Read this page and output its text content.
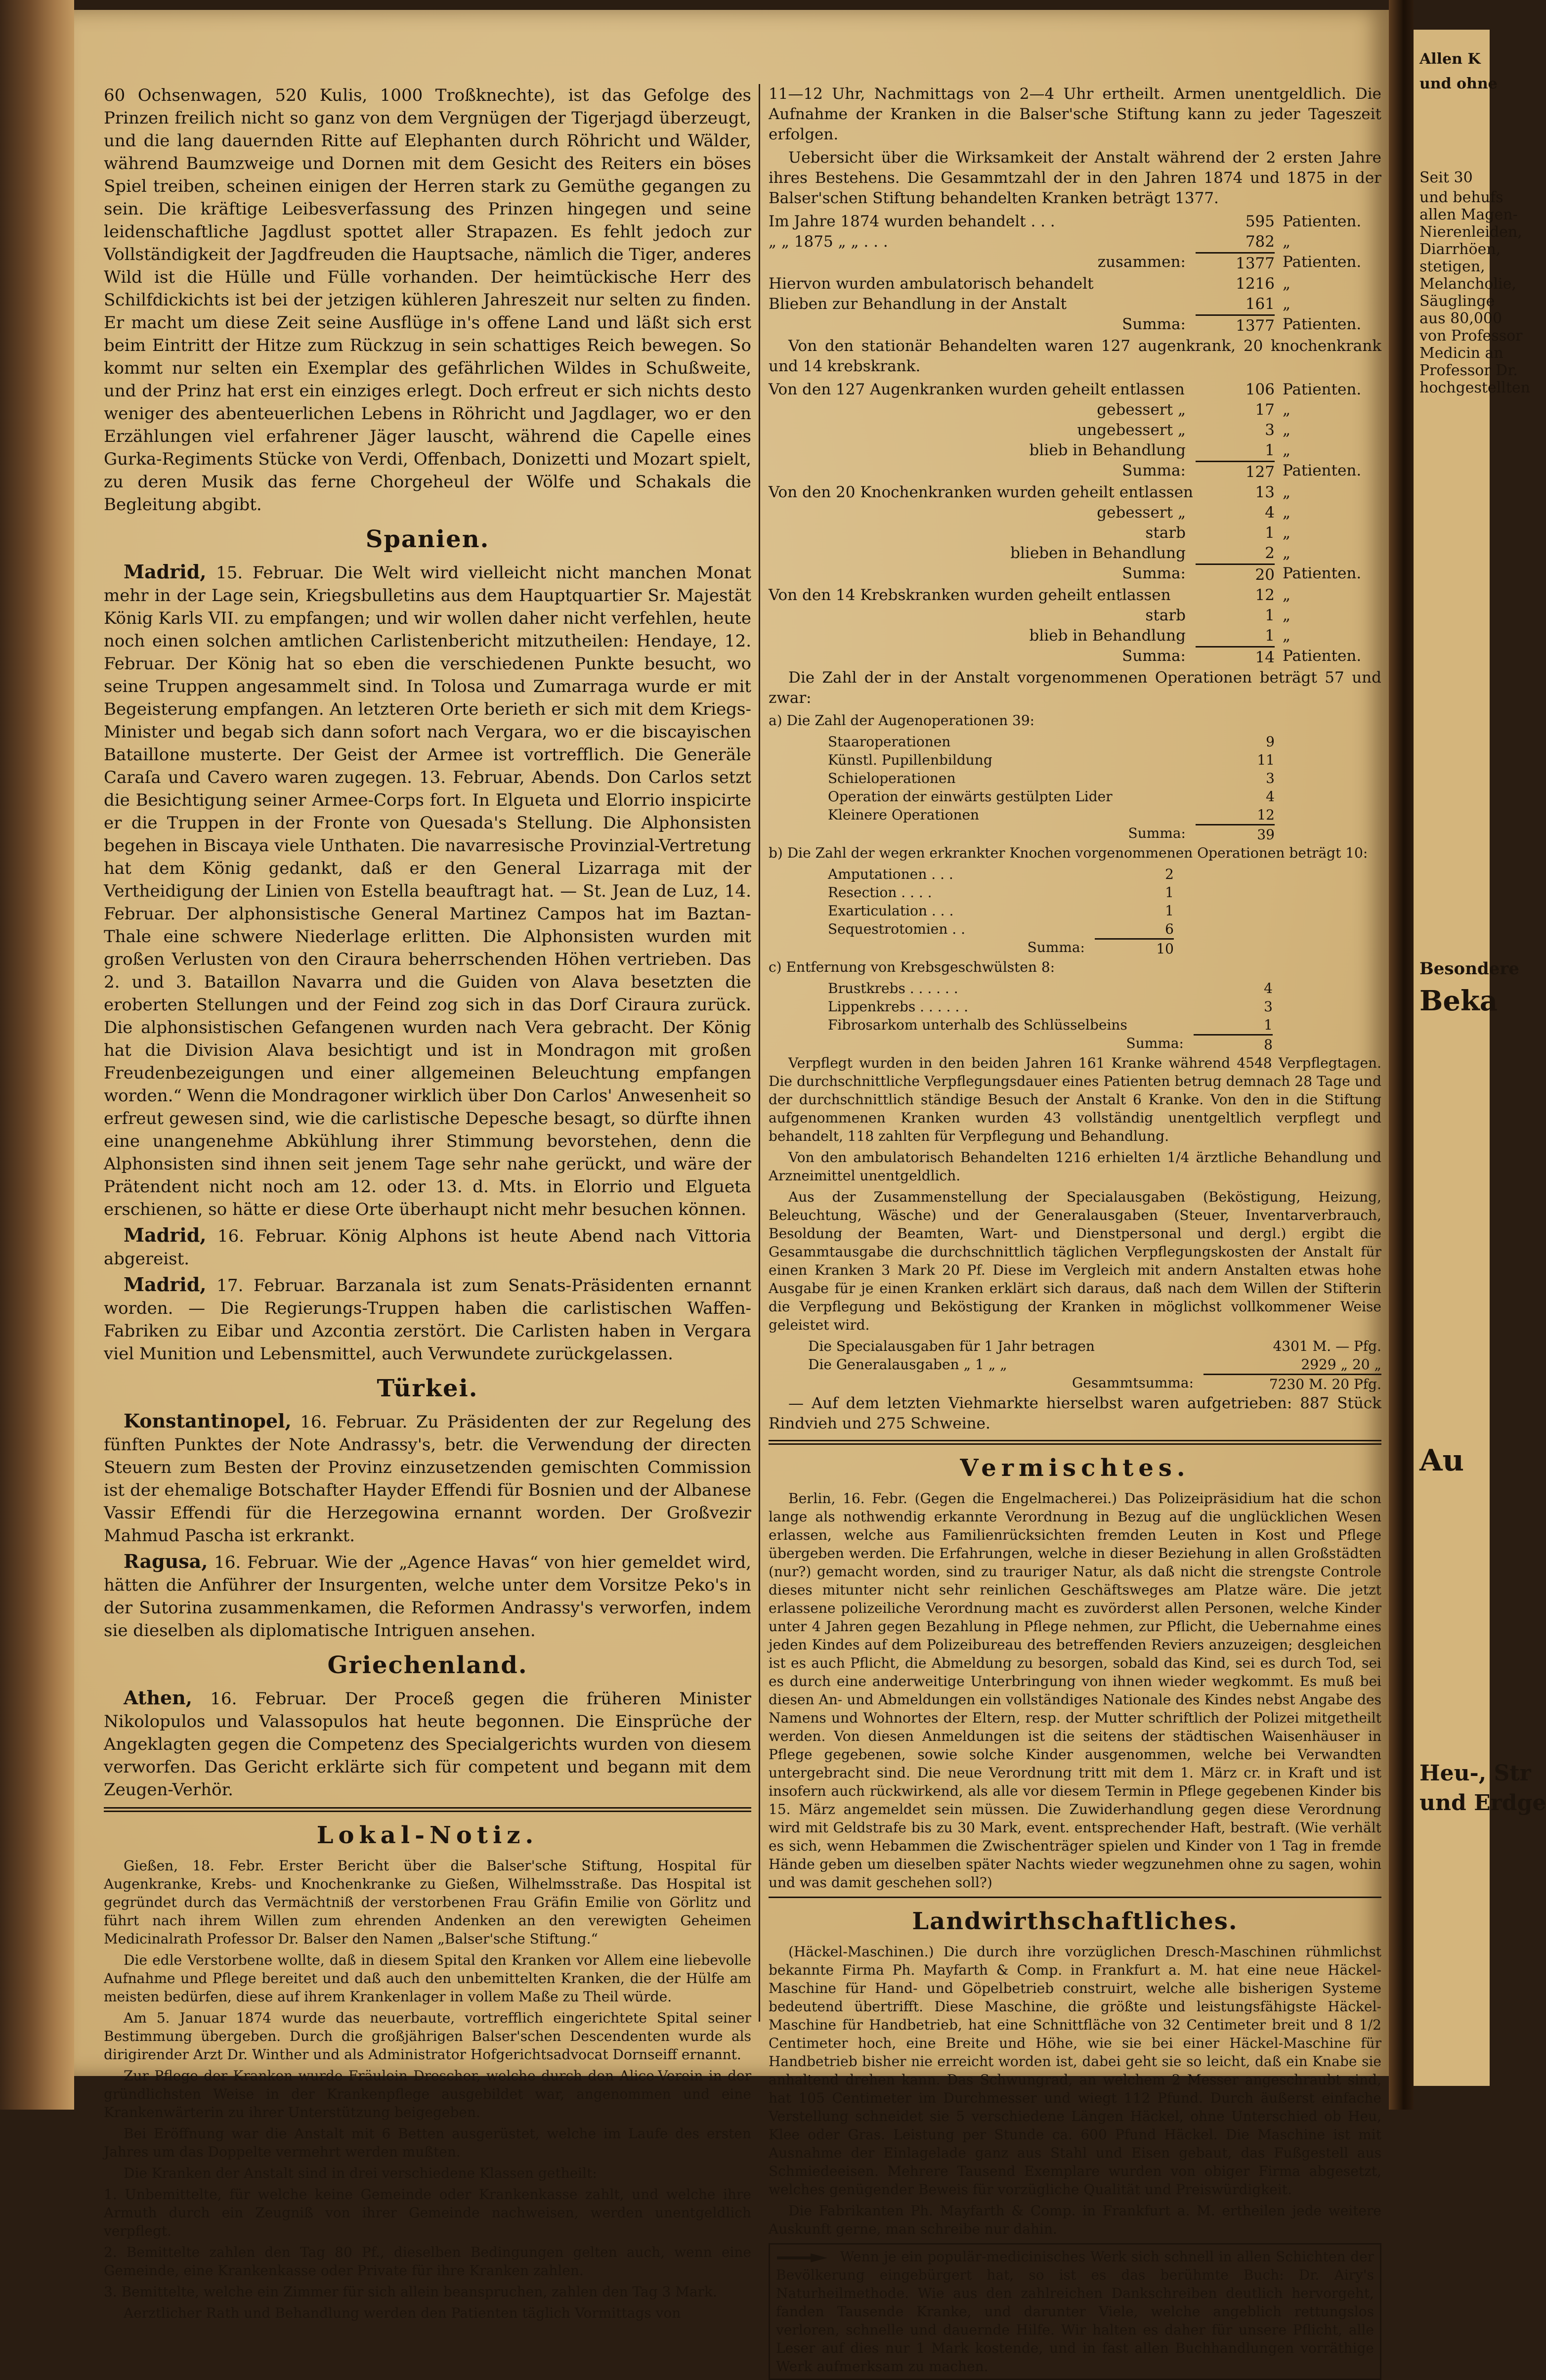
60 Ochsenwagen, 520 Kulis, 1000 Troßknechte), ist das Gefolge des Prinzen freilich nicht so ganz von dem Vergnügen der Tigerjagd überzeugt, und die lang dauernden Ritte auf Elephanten durch Röhricht und Wälder, während Baumzweige und Dornen mit dem Gesicht des Reiters ein böses Spiel treiben, scheinen einigen der Herren stark zu Gemüthe gegangen zu sein. Die kräftige Leibesverfassung des Prinzen hingegen und seine leidenschaftliche Jagdlust spottet aller Strapazen. Es fehlt jedoch zur Vollständigkeit der Jagdfreuden die Hauptsache, nämlich die Tiger, anderes Wild ist die Hülle und Fülle vorhanden. Der heimtückische Herr des Schilfdickichts ist bei der jetzigen kühleren Jahreszeit nur selten zu finden. Er macht um diese Zeit seine Ausflüge in's offene Land und läßt sich erst beim Eintritt der Hitze zum Rückzug in sein schattiges Reich bewegen. So kommt nur selten ein Exemplar des gefährlichen Wildes in Schußweite, und der Prinz hat erst ein einziges erlegt. Doch erfreut er sich nichts desto weniger des abenteuerlichen Lebens in Röhricht und Jagdlager, wo er den Erzählungen viel erfahrener Jäger lauscht, während die Capelle eines Gurka-Regiments Stücke von Verdi, Offenbach, Donizetti und Mozart spielt, zu deren Musik das ferne Chorgeheul der Wölfe und Schakals die Begleitung abgibt.

Spanien.

Madrid, 15. Februar. Die Welt wird vielleicht nicht manchen Monat mehr in der Lage sein, Kriegsbulletins aus dem Hauptquartier Sr. Majestät König Karls VII. zu empfangen; und wir wollen daher nicht verfehlen, heute noch einen solchen amtlichen Carlistenbericht mitzutheilen: Hendaye, 12. Februar. Der König hat so eben die verschiedenen Punkte besucht, wo seine Truppen angesammelt sind. In Tolosa und Zumarraga wurde er mit Begeisterung empfangen. An letzteren Orte berieth er sich mit dem Kriegs-Minister und begab sich dann sofort nach Vergara, wo er die biscayischen Bataillone musterte. Der Geist der Armee ist vortrefflich. Die Generäle Caraſa und Cavero waren zugegen. 13. Februar, Abends. Don Carlos setzt die Besichtigung seiner Armee-Corps fort. In Elgueta und Elorrio inspicirte er die Truppen in der Fronte von Quesada's Stellung. Die Alphonsisten begehen in Biscaya viele Unthaten. Die navarresische Provinzial-Vertretung hat dem König gedankt, daß er den General Lizarraga mit der Vertheidigung der Linien von Estella beauftragt hat. — St. Jean de Luz, 14. Februar. Der alphonsistische General Martinez Campos hat im Baztan-Thale eine schwere Niederlage erlitten. Die Alphonsisten wurden mit großen Verlusten von den Ciraura beherrschenden Höhen vertrieben. Das 2. und 3. Bataillon Navarra und die Guiden von Alava besetzten die eroberten Stellungen und der Feind zog sich in das Dorf Ciraura zurück. Die alphonsistischen Gefangenen wurden nach Vera gebracht. Der König hat die Division Alava besichtigt und ist in Mondragon mit großen Freudenbezeigungen und einer allgemeinen Beleuchtung empfangen worden.“ Wenn die Mondragoner wirklich über Don Carlos' Anwesenheit so erfreut gewesen sind, wie die carlistische Depesche besagt, so dürfte ihnen eine unangenehme Abkühlung ihrer Stimmung bevorstehen, denn die Alphonsisten sind ihnen seit jenem Tage sehr nahe gerückt, und wäre der Prätendent nicht noch am 12. oder 13. d. Mts. in Elorrio und Elgueta erschienen, so hätte er diese Orte überhaupt nicht mehr besuchen können.

Madrid, 16. Februar. König Alphons ist heute Abend nach Vittoria abgereist.

Madrid, 17. Februar. Barzanala ist zum Senats-Präsidenten ernannt worden. — Die Regierungs-Truppen haben die carlistischen Waffen-Fabriken zu Eibar und Azcontia zerstört. Die Carlisten haben in Vergara viel Munition und Lebensmittel, auch Verwundete zurückgelassen.

Türkei.

Konstantinopel, 16. Februar. Zu Präsidenten der zur Regelung des fünften Punktes der Note Andrassy's, betr. die Verwendung der directen Steuern zum Besten der Provinz einzusetzenden gemischten Commission ist der ehemalige Botschafter Hayder Effendi für Bosnien und der Albanese Vassir Effendi für die Herzegowina ernannt worden. Der Großvezir Mahmud Pascha ist erkrankt.

Ragusa, 16. Februar. Wie der „Agence Havas“ von hier gemeldet wird, hätten die Anführer der Insurgenten, welche unter dem Vorsitze Peko's in der Sutorina zusammenkamen, die Reformen Andrassy's verworfen, indem sie dieselben als diplomatische Intriguen ansehen.

Griechenland.

Athen, 16. Februar. Der Proceß gegen die früheren Minister Nikolopulos und Valassopulos hat heute begonnen. Die Einsprüche der Angeklagten gegen die Competenz des Specialgerichts wurden von diesem verworfen. Das Gericht erklärte sich für competent und begann mit dem Zeugen-Verhör.

Lokal-Notiz.

Gießen, 18. Febr. Erster Bericht über die Balser'sche Stiftung, Hospital für Augenkranke, Krebs- und Knochenkranke zu Gießen, Wilhelmsstraße. Das Hospital ist gegründet durch das Vermächtniß der verstorbenen Frau Gräfin Emilie von Görlitz und führt nach ihrem Willen zum ehrenden Andenken an den verewigten Geheimen Medicinalrath Professor Dr. Balser den Namen „Balser'sche Stiftung.“

Die edle Verstorbene wollte, daß in diesem Spital den Kranken vor Allem eine liebevolle Aufnahme und Pflege bereitet und daß auch den unbemittelten Kranken, die der Hülfe am meisten bedürfen, diese auf ihrem Krankenlager in vollem Maße zu Theil würde.

Am 5. Januar 1874 wurde das neuerbaute, vortrefflich eingerichtete Spital seiner Bestimmung übergeben. Durch die großjährigen Balser'schen Descendenten wurde als dirigirender Arzt Dr. Winther und als Administrator Hofgerichtsadvocat Dornseiff ernannt.

Zur Pflege der Kranken wurde Fräulein Drescher, welche durch den Alice-Verein in der gründlichsten Weise in der Krankenpflege ausgebildet war, angenommen und eine Krankenwärterin zu ihrer Unterstützung beigegeben.

Bei Eröffnung war die Anstalt mit 6 Betten ausgerüstet, welche im Laufe des ersten Jahres um das Doppelte vermehrt werden mußten.

Die Kranken der Anstalt sind in drei verschiedene Klassen getheilt:

1. Unbemittelte, für welche keine Gemeinde oder Krankenkasse zahlt, und welche ihre Armuth durch ein Zeugniß von ihrer Gemeinde nachweisen, werden unentgeldlich verpflegt.

2. Bemittelte zahlen den Tag 80 Pf., dieselben Bedingungen gelten auch, wenn eine Gemeinde, eine Krankenkasse oder Private für ihre Kranken zahlen.

3. Bemittelte, welche ein Zimmer für sich allein beanspruchen, zahlen den Tag 3 Mark.

Aerztlicher Rath und Behandlung werden den Patienten täglich Vormittags von

11—12 Uhr, Nachmittags von 2—4 Uhr ertheilt. Armen unentgeldlich. Die Aufnahme der Kranken in die Balser'sche Stiftung kann zu jeder Tageszeit erfolgen.

Uebersicht über die Wirksamkeit der Anstalt während der 2 ersten Jahre ihres Bestehens. Die Gesammtzahl der in den Jahren 1874 und 1875 in der Balser'schen Stiftung behandelten Kranken beträgt 1377.

Im Jahre 1874 wurden behandelt . . .	595 Patienten.
„ „ 1875 „ „ . . .	782 „
zusammen:	1377 Patienten.
Hiervon wurden ambulatorisch behandelt	1216 „
Blieben zur Behandlung in der Anstalt	161 „
Summa:	1377 Patienten.

Von den stationär Behandelten waren 127 augenkrank, 20 knochenkrank und 14 krebskrank.

Von den 127 Augenkranken wurden geheilt entlassen	106 Patienten.
gebessert „	17 „
ungebessert „	3 „
blieb in Behandlung	1 „
Summa:	127 Patienten.
Von den 20 Knochenkranken wurden geheilt entlassen	13 „
gebessert „	4 „
starb	1 „
blieben in Behandlung	2 „
Summa:	20 Patienten.
Von den 14 Krebskranken wurden geheilt entlassen	12 „
starb	1 „
blieb in Behandlung	1 „
Summa:	14 Patienten.

Die Zahl der in der Anstalt vorgenommenen Operationen beträgt 57 und zwar:

a) Die Zahl der Augenoperationen 39:

Staaroperationen	9
Künstl. Pupillenbildung	11
Schieloperationen	3
Operation der einwärts gestülpten Lider	4
Kleinere Operationen	12
Summa:	39

b) Die Zahl der wegen erkrankter Knochen vorgenommenen Operationen beträgt 10:

Amputationen . . .	2
Resection . . . .	1
Exarticulation . . .	1
Sequestrotomien . .	6
Summa:	10

c) Entfernung von Krebsgeschwülsten 8:

Brustkrebs . . . . . .	4
Lippenkrebs . . . . . .	3
Fibrosarkom unterhalb des Schlüsselbeins	1
Summa:	8

Verpflegt wurden in den beiden Jahren 161 Kranke während 4548 Verpflegtagen. Die durchschnittliche Verpflegungsdauer eines Patienten betrug demnach 28 Tage und der durchschnittlich ständige Besuch der Anstalt 6 Kranke. Von den in die Stiftung aufgenommenen Kranken wurden 43 vollständig unentgeltlich verpflegt und behandelt, 118 zahlten für Verpflegung und Behandlung.

Von den ambulatorisch Behandelten 1216 erhielten 1/4 ärztliche Behandlung und Arzneimittel unentgeldlich.

Aus der Zusammenstellung der Specialausgaben (Beköstigung, Heizung, Beleuchtung, Wäsche) und der Generalausgaben (Steuer, Inventarverbrauch, Besoldung der Beamten, Wart- und Dienstpersonal und dergl.) ergibt die Gesammtausgabe die durchschnittlich täglichen Verpflegungskosten der Anstalt für einen Kranken 3 Mark 20 Pf. Diese im Vergleich mit andern Anstalten etwas hohe Ausgabe für je einen Kranken erklärt sich daraus, daß nach dem Willen der Stifterin die Verpflegung und Beköstigung der Kranken in möglichst vollkommener Weise geleistet wird.

Die Specialausgaben für 1 Jahr betragen	4301 M. — Pfg.
Die Generalausgaben „ 1 „ „	2929 „ 20 „
Gesammtsumma:	7230 M. 20 Pfg.

— Auf dem letzten Viehmarkte hierselbst waren aufgetrieben: 887 Stück Rindvieh und 275 Schweine.

Vermischtes.

Berlin, 16. Febr. (Gegen die Engelmacherei.) Das Polizeipräsidium hat die schon lange als nothwendig erkannte Verordnung in Bezug auf die unglücklichen Wesen erlassen, welche aus Familienrücksichten fremden Leuten in Kost und Pflege übergeben werden. Die Erfahrungen, welche in dieser Beziehung in allen Großstädten (nur?) gemacht worden, sind zu trauriger Natur, als daß nicht die strengste Controle dieses mitunter nicht sehr reinlichen Geschäftsweges am Platze wäre. Die jetzt erlassene polizeiliche Verordnung macht es zuvörderst allen Personen, welche Kinder unter 4 Jahren gegen Bezahlung in Pflege nehmen, zur Pflicht, die Uebernahme eines jeden Kindes auf dem Polizeibureau des betreffenden Reviers anzuzeigen; desgleichen ist es auch Pflicht, die Abmeldung zu besorgen, sobald das Kind, sei es durch Tod, sei es durch eine anderweitige Unterbringung von ihnen wieder wegkommt. Es muß bei diesen An- und Abmeldungen ein vollständiges Nationale des Kindes nebst Angabe des Namens und Wohnortes der Eltern, resp. der Mutter schriftlich der Polizei mitgetheilt werden. Von diesen Anmeldungen ist die seitens der städtischen Waisenhäuser in Pflege gegebenen, sowie solche Kinder ausgenommen, welche bei Verwandten untergebracht sind. Die neue Verordnung tritt mit dem 1. März cr. in Kraft und ist insofern auch rückwirkend, als alle vor diesem Termin in Pflege gegebenen Kinder bis 15. März angemeldet sein müssen. Die Zuwiderhandlung gegen diese Verordnung wird mit Geldstrafe bis zu 30 Mark, event. entsprechender Haft, bestraft. (Wie verhält es sich, wenn Hebammen die Zwischenträger spielen und Kinder von 1 Tag in fremde Hände geben um dieselben später Nachts wieder wegzunehmen ohne zu sagen, wohin und was damit geschehen soll?)

Landwirthschaftliches.

(Häckel-Maschinen.) Die durch ihre vorzüglichen Dresch-Maschinen rühmlichst bekannte Firma Ph. Mayfarth & Comp. in Frankfurt a. M. hat eine neue Häckel-Maschine für Hand- und Göpelbetrieb construirt, welche alle bisherigen Systeme bedeutend übertrifft. Diese Maschine, die größte und leistungsfähigste Häckel-Maschine für Handbetrieb, hat eine Schnittfläche von 32 Centimeter breit und 8 1/2 Centimeter hoch, eine Breite und Höhe, wie sie bei einer Häckel-Maschine für Handbetrieb bisher nie erreicht worden ist, dabei geht sie so leicht, daß ein Knabe sie anhaltend drehen kann. Das Schwungrad, an welchem 2 Messer angeschraubt sind, hat 105 Centimeter im Durchmesser und wiegt 112 Pfund. Durch äußerst einfache Verstellung schneidet sie 5 verschiedene Längen Häckel, ohne Unterschied ob Heu, Klee oder Gras. Leistung per Stunde ca. 600 Pfund Häckel. Die Maschine ist mit Ausnahme der Einlagelade ganz aus Stahl und Eisen gebaut, das Fußgestell aus Schmiedeeisen. Mehrere Tausend Exemplare wurden von obiger Firma abgesetzt, welches genügender Beweis für vorzügliche Qualität und Preiswürdigkeit.

Die Fabrikanten Ph. Mayfarth & Comp. in Frankfurt a. M. ertheilen jede weitere Auskunft gerne, man schreibe nur dahin.

Wenn je ein populär-medicinisches Werk sich schnell in allen Schichten der Bevölkerung eingebürgert hat, so ist es das berühmte Buch: Dr. Airy's Naturheilmethode. Wie aus den zahlreichen Dankschreiben deutlich hervorgeht, fanden Tausende Kranke, und darunter Viele, welche angeblich rettungslos verloren, schnelle und dauernde Hilfe. Wir halten es daher für unsere Pflicht, alle Leser auf dies nur 1 Mark kostende, und in fast allen Buchhandlungen vorräthige Werk aufmerksam zu machen.
Allen K
und ohne
Seit 30
und behufs
allen Magen-
Nierenleiden,
Diarrhöen,
stetigen,
Melancholie,
Säuglinge
aus 80,000
von Professor
Medicin an
Professor Dr.
hochgestellten
Besondere
Beka
Au
Heu-, Str
und Erdge
